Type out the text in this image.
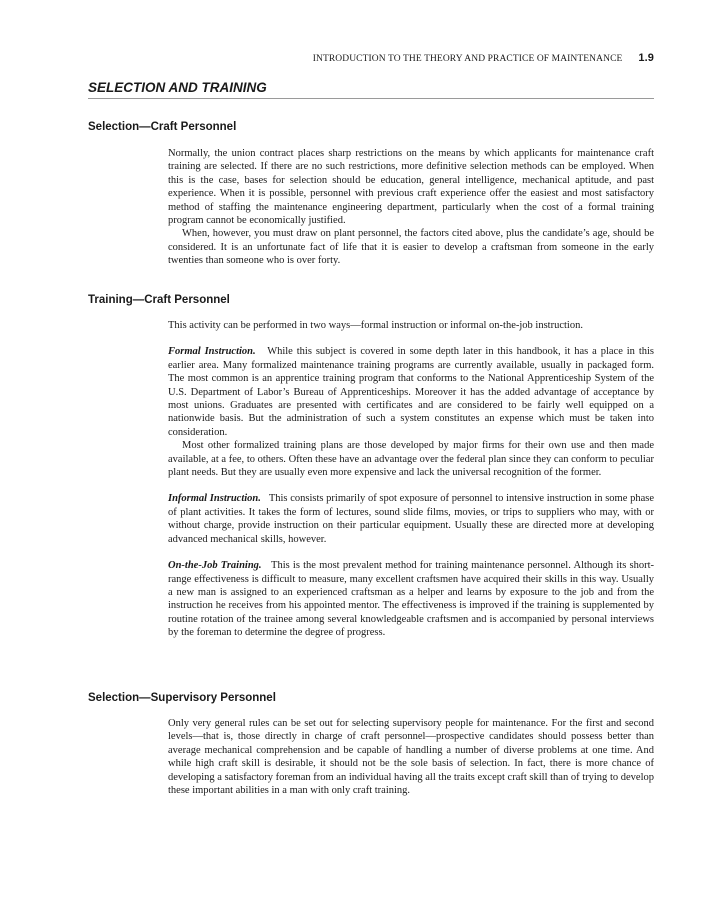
INTRODUCTION TO THE THEORY AND PRACTICE OF MAINTENANCE 1.9
SELECTION AND TRAINING
Selection—Craft Personnel

Normally, the union contract places sharp restrictions on the means by which applicants for maintenance craft training are selected. If there are no such restrictions, more definitive selection methods can be employed. When this is the case, bases for selection should be education, general intelligence, mechanical aptitude, and past experience. When it is possible, personnel with previous craft experience offer the easiest and most satisfactory method of staffing the maintenance engineering department, particularly when the cost of a formal training program cannot be economically justified.

When, however, you must draw on plant personnel, the factors cited above, plus the candidate’s age, should be considered. It is an unfortunate fact of life that it is easier to develop a craftsman from someone in the early twenties than someone who is over forty.

Training—Craft Personnel

This activity can be performed in two ways—formal instruction or informal on-the-job instruction.

Formal Instruction. While this subject is covered in some depth later in this handbook, it has a place in this earlier area. Many formalized maintenance training programs are currently available, usually in packaged form. The most common is an apprentice training program that conforms to the National Apprenticeship System of the U.S. Department of Labor’s Bureau of Apprenticeships. Moreover it has the added advantage of acceptance by most unions. Graduates are presented with certificates and are considered to be fairly well equipped on a nationwide basis. But the administration of such a system constitutes an expense which must be taken into consideration.

Most other formalized training plans are those developed by major firms for their own use and then made available, at a fee, to others. Often these have an advantage over the federal plan since they can conform to peculiar plant needs. But they are usually even more expensive and lack the universal recognition of the former.

Informal Instruction. This consists primarily of spot exposure of personnel to intensive instruction in some phase of plant activities. It takes the form of lectures, sound slide films, movies, or trips to suppliers who may, with or without charge, provide instruction on their particular equipment. Usually these are directed more at developing advanced mechanical skills, however.

On-the-Job Training. This is the most prevalent method for training maintenance personnel. Although its short-range effectiveness is difficult to measure, many excellent craftsmen have acquired their skills in this way. Usually a new man is assigned to an experienced craftsman as a helper and learns by exposure to the job and from the instruction he receives from his appointed mentor. The effectiveness is improved if the training is supplemented by routine rotation of the trainee among several knowledgeable craftsmen and is accompanied by personal interviews by the foreman to determine the degree of progress.

Selection—Supervisory Personnel

Only very general rules can be set out for selecting supervisory people for maintenance. For the first and second levels—that is, those directly in charge of craft personnel—prospective candidates should possess better than average mechanical comprehension and be capable of handling a number of diverse problems at one time. And while high craft skill is desirable, it should not be the sole basis of selection. In fact, there is more chance of developing a satisfactory foreman from an individual having all the traits except craft skill than of trying to develop these important abilities in a man with only craft training.
